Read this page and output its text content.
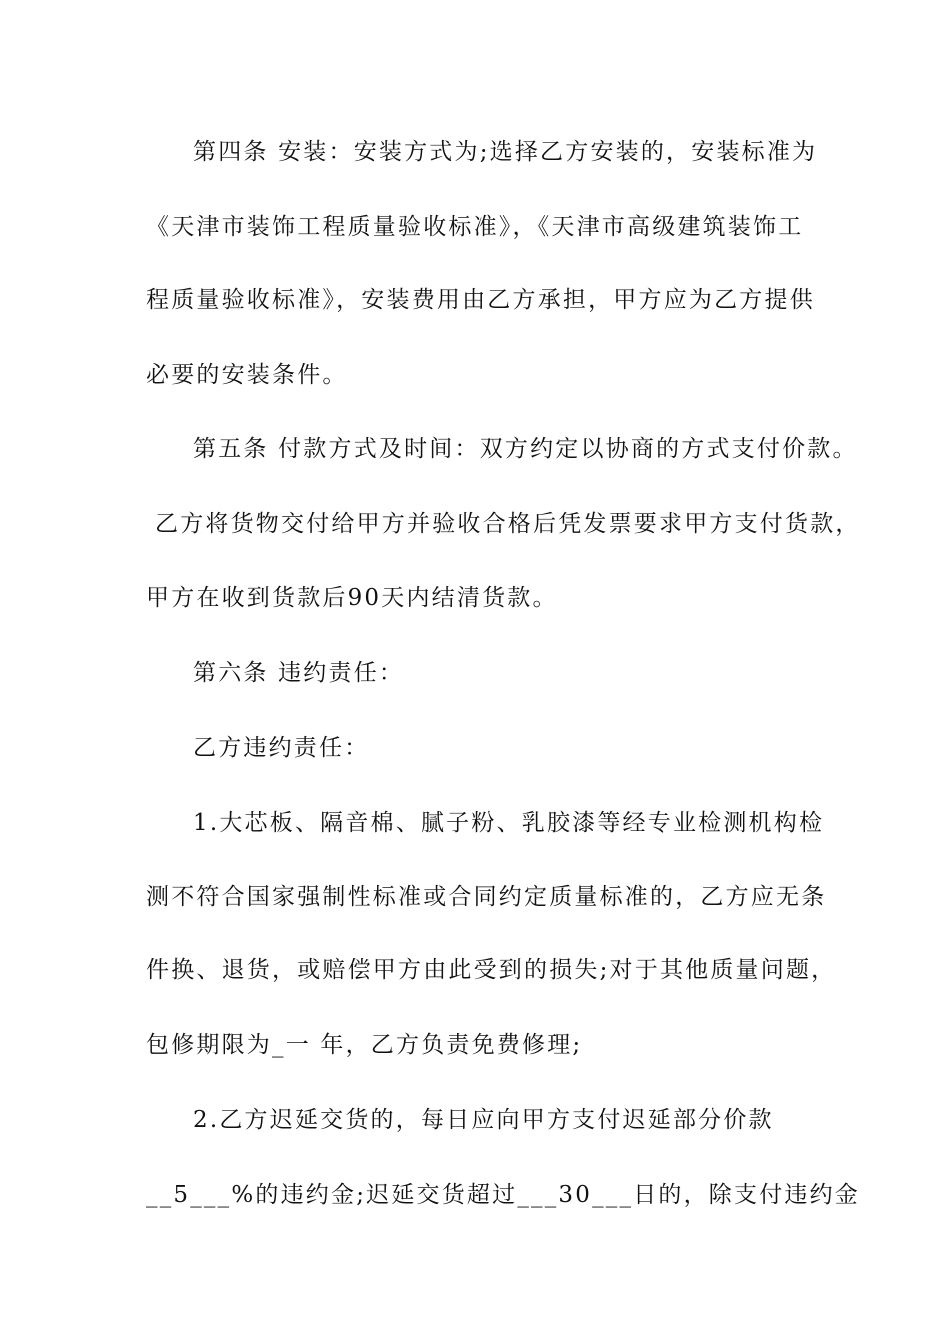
第四条 安装：安装方式为;选择乙方安装的，安装标准为
《天津市装饰工程质量验收标准》，《天津市高级建筑装饰工
程质量验收标准》，安装费用由乙方承担，甲方应为乙方提供
必要的安装条件。
第五条 付款方式及时间：双方约定以协商的方式支付价款。
乙方将货物交付给甲方并验收合格后凭发票要求甲方支付货款，
甲方在收到货款后90天内结清货款。
第六条 违约责任：
乙方违约责任：
1.大芯板、隔音棉、腻子粉、乳胶漆等经专业检测机构检
测不符合国家强制性标准或合同约定质量标准的，乙方应无条
件换、退货，或赔偿甲方由此受到的损失;对于其他质量问题，
包修期限为_一 年，乙方负责免费修理;
2.乙方迟延交货的，每日应向甲方支付迟延部分价款
__5___%的违约金;迟延交货超过___30___日的，除支付违约金
